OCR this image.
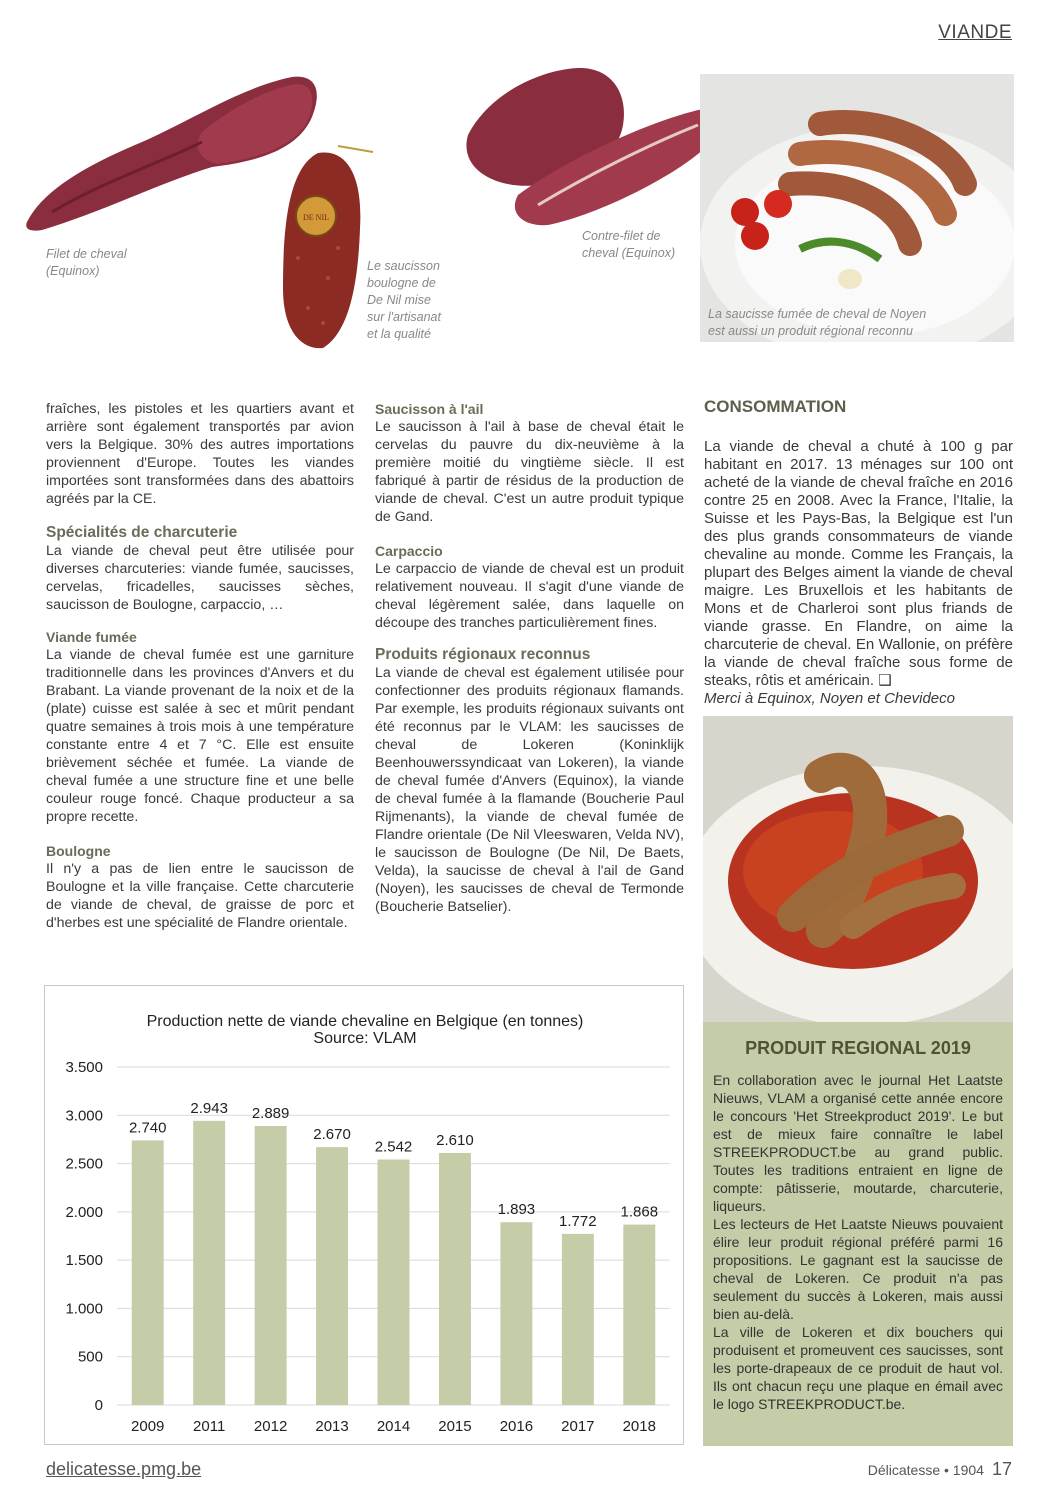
VIANDE
Filet de cheval (Equinox)
DE NIL
Le saucisson boulogne de De Nil mise sur l'artisanat et la qualité
Contre-filet de cheval (Equinox)
La saucisse fumée de cheval de Noyen est aussi un produit régional reconnu

fraîches, les pistoles et les quartiers avant et arrière sont également transportés par avion vers la Belgique. 30% des autres importations proviennent d'Europe. Toutes les viandes importées sont transformées dans des abattoirs agréés par la CE.

Spécialités de charcuterie

La viande de cheval peut être utilisée pour diverses charcuteries: viande fumée, saucisses, cervelas, fricadelles, saucisses sèches, saucisson de Boulogne, carpaccio, …

Viande fumée

La viande de cheval fumée est une garniture traditionnelle dans les provinces d'Anvers et du Brabant. La viande provenant de la noix et de la (plate) cuisse est salée à sec et mûrit pendant quatre semaines à trois mois à une température constante entre 4 et 7 °C. Elle est ensuite brièvement séchée et fumée. La viande de cheval fumée a une structure fine et une belle couleur rouge foncé. Chaque producteur a sa propre recette.

Boulogne

Il n'y a pas de lien entre le saucisson de Boulogne et la ville française. Cette charcuterie de viande de cheval, de graisse de porc et d'herbes est une spécialité de Flandre orientale.

Saucisson à l'ail

Le saucisson à l'ail à base de cheval était le cervelas du pauvre du dix-neuvième à la première moitié du vingtième siècle. Il est fabriqué à partir de résidus de la production de viande de cheval. C'est un autre produit typique de Gand.

Carpaccio

Le carpaccio de viande de cheval est un produit relativement nouveau. Il s'agit d'une viande de cheval légèrement salée, dans laquelle on découpe des tranches particulièrement fines.

Produits régionaux reconnus

La viande de cheval est également utilisée pour confectionner des produits régionaux flamands. Par exemple, les produits régionaux suivants ont été reconnus par le VLAM: les saucisses de cheval de Lokeren (Koninklijk Beenhouwerssyndicaat van Lokeren), la viande de cheval fumée d'Anvers (Equinox), la viande de cheval fumée à la flamande (Boucherie Paul Rijmenants), la viande de cheval fumée de Flandre orientale (De Nil Vleeswaren, Velda NV), le saucisson de Boulogne (De Nil, De Baets, Velda), la saucisse de cheval à l'ail de Gand (Noyen), les saucisses de cheval de Termonde (Boucherie Batselier).

CONSOMMATION

La viande de cheval a chuté à 100 g par habitant en 2017. 13 ménages sur 100 ont acheté de la viande de cheval fraîche en 2016 contre 25 en 2008. Avec la France, l'Italie, la Suisse et les Pays-Bas, la Belgique est l'un des plus grands consommateurs de viande chevaline au monde. Comme les Français, la plupart des Belges aiment la viande de cheval maigre. Les Bruxellois et les habitants de Mons et de Charleroi sont plus friands de viande grasse. En Flandre, on aime la charcuterie de cheval. En Wallonie, on préfère la viande de cheval fraîche sous forme de steaks, rôtis et américain. ❑

Merci à Equinox, Noyen et Chevideco

Production nette de viande chevaline en Belgique (en tonnes)
Source: VLAM
0
500
1.000
1.500
2.000
2.500
3.000
3.500
2.740
2009
2.943
2011
2.889
2012
2.670
2013
2.542
2014
2.610
2015
1.893
2016
1.772
2017
1.868
2018
PRODUIT REGIONAL 2019

En collaboration avec le journal Het Laatste Nieuws, VLAM a organisé cette année encore le concours 'Het Streekproduct 2019'. Le but est de mieux faire connaître le label STREEKPRODUCT.be au grand public. Toutes les traditions entraient en ligne de compte: pâtisserie, moutarde, charcuterie, liqueurs.

Les lecteurs de Het Laatste Nieuws pouvaient élire leur produit régional préféré parmi 16 propositions. Le gagnant est la saucisse de cheval de Lokeren. Ce produit n'a pas seulement du succès à Lokeren, mais aussi bien au-delà.

La ville de Lokeren et dix bouchers qui produisent et promeuvent ces saucisses, sont les porte-drapeaux de ce produit de haut vol. Ils ont chacun reçu une plaque en émail avec le logo STREEKPRODUCT.be.

delicatesse.pmg.be	Délicatesse • 1904 17
